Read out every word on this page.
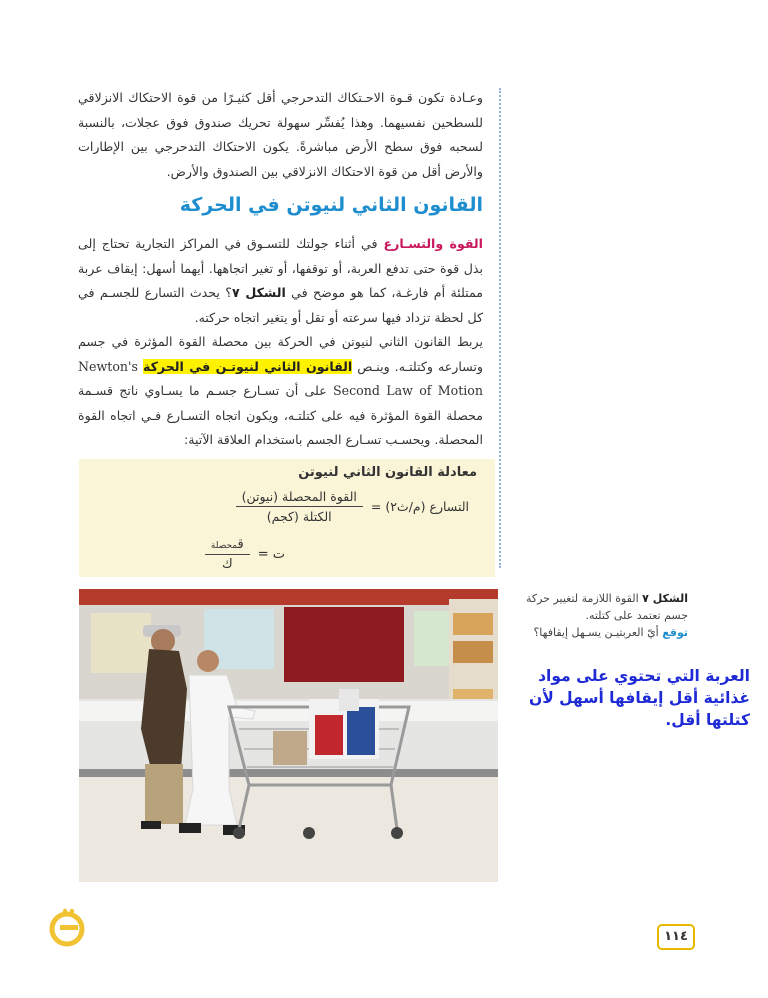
وعـادة تكون قـوة الاحـتكاك التدحرجي أقل كثيـرًا من قوة الاحتكاك الانزلاقي للسطحين نفسيهما. وهذا يُفسِّر سهولة تحريك صندوق فوق عجلات، بالنسبة لسحبه فوق سطح الأرض مباشرةً. يكون الاحتكاك التدحرجي بين الإطارات والأرض أقل من قوة الاحتكاك الانزلاقي بين الصندوق والأرض.

القانون الثاني لنيوتن في الحركة

القوة والتسـارع في أثناء جولتك للتسـوق في المراكز التجارية تحتاج إلى بذل قوة حتى تدفع العربة، أو توقفها، أو تغير اتجاهها. أيهما أسهل: إيقاف عربة ممتلئة أم فارغـة، كما هو موضح في الشكل ٧؟ يحدث التسارع للجسـم في كل لحظة تزداد فيها سرعته أو تقل أو يتغير اتجاه حركته.

يربط القانون الثاني لنيوتن في الحركة بين محصلة القوة المؤثرة في جسم وتسارعه وكتلتـه. وينـص القانون الثاني لنيوتـن في الحركة Newton's Second Law of Motion على أن تسـارع جسـم ما يسـاوي ناتج قسـمة محصلة القوة المؤثرة فيه على كتلتـه، ويكون اتجاه التسـارع فـي اتجاه القوة المحصلة. ويحسـب تسـارع الجسم باستخدام العلاقة الآتية:

معادلة القانون الثاني لنيوتن
التسارع (م/ث٢) =
$\frac{\text{القوة المحصلة (نيوتن)}}{\text{الكتلة (كجم)}}$
ت =
$\frac{\text{قمحصلة}}{\text{ك}}$
الشكل ٧ القوة اللازمة لتغيير حركة جسم تعتمد على كتلته.
توقع أيّ العربتيـن يسـهل إيقافها؟
العربة التي تحتوي على مواد غذائية أقل إيقافها أسهل لأن كتلتها أقل.
١١٤
